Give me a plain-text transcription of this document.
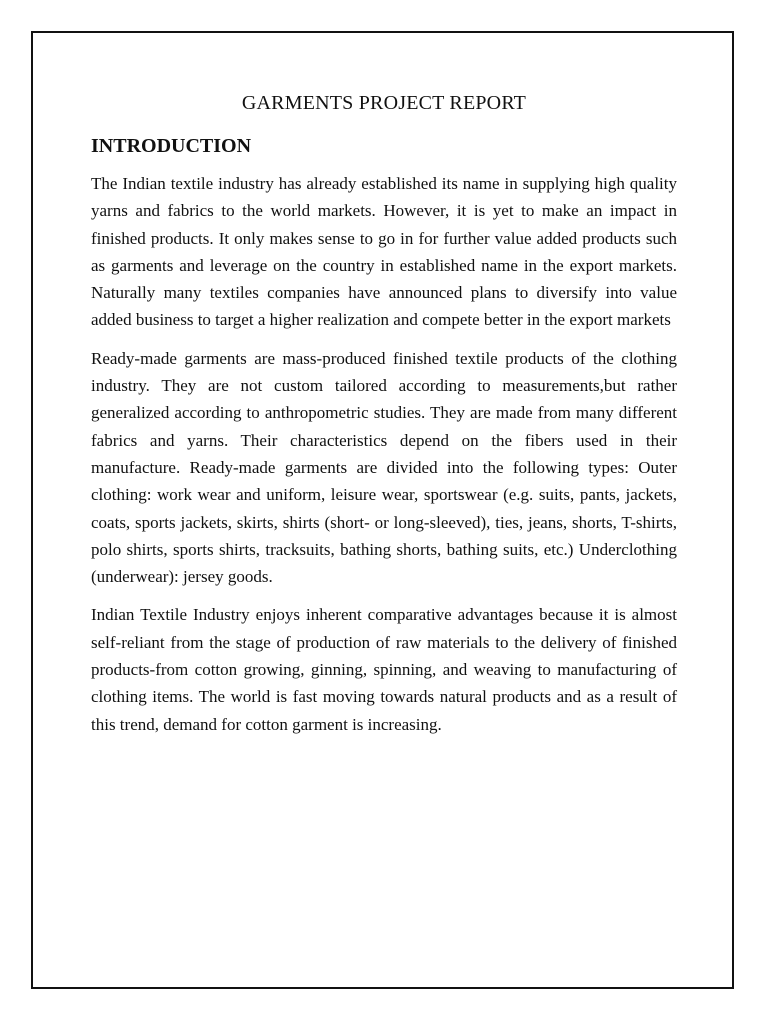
GARMENTS PROJECT REPORT
INTRODUCTION

The Indian textile industry has already established its name in supplying high quality yarns and fabrics to the world markets. However, it is yet to make an impact in finished products. It only makes sense to go in for further value added products such as garments and leverage on the country in established name in the export markets. Naturally many textiles companies have announced plans to diversify into value added business to target a higher realization and compete better in the export markets

Ready-made garments are mass-produced finished textile products of the clothing industry. They are not custom tailored according to measurements,but rather generalized according to anthropometric studies. They are made from many different fabrics and yarns. Their characteristics depend on the fibers used in their manufacture. Ready-made garments are divided into the following types: Outer clothing: work wear and uniform, leisure wear, sportswear (e.g. suits, pants, jackets, coats, sports jackets, skirts, shirts (short- or long-sleeved), ties, jeans, shorts, T-shirts, polo shirts, sports shirts, tracksuits, bathing shorts, bathing suits, etc.) Underclothing (underwear): jersey goods.

Indian Textile Industry enjoys inherent comparative advantages because it is almost self-reliant from the stage of production of raw materials to the delivery of finished products-from cotton growing, ginning, spinning, and weaving to manufacturing of clothing items. The world is fast moving towards natural products and as a result of this trend, demand for cotton garment is increasing.
